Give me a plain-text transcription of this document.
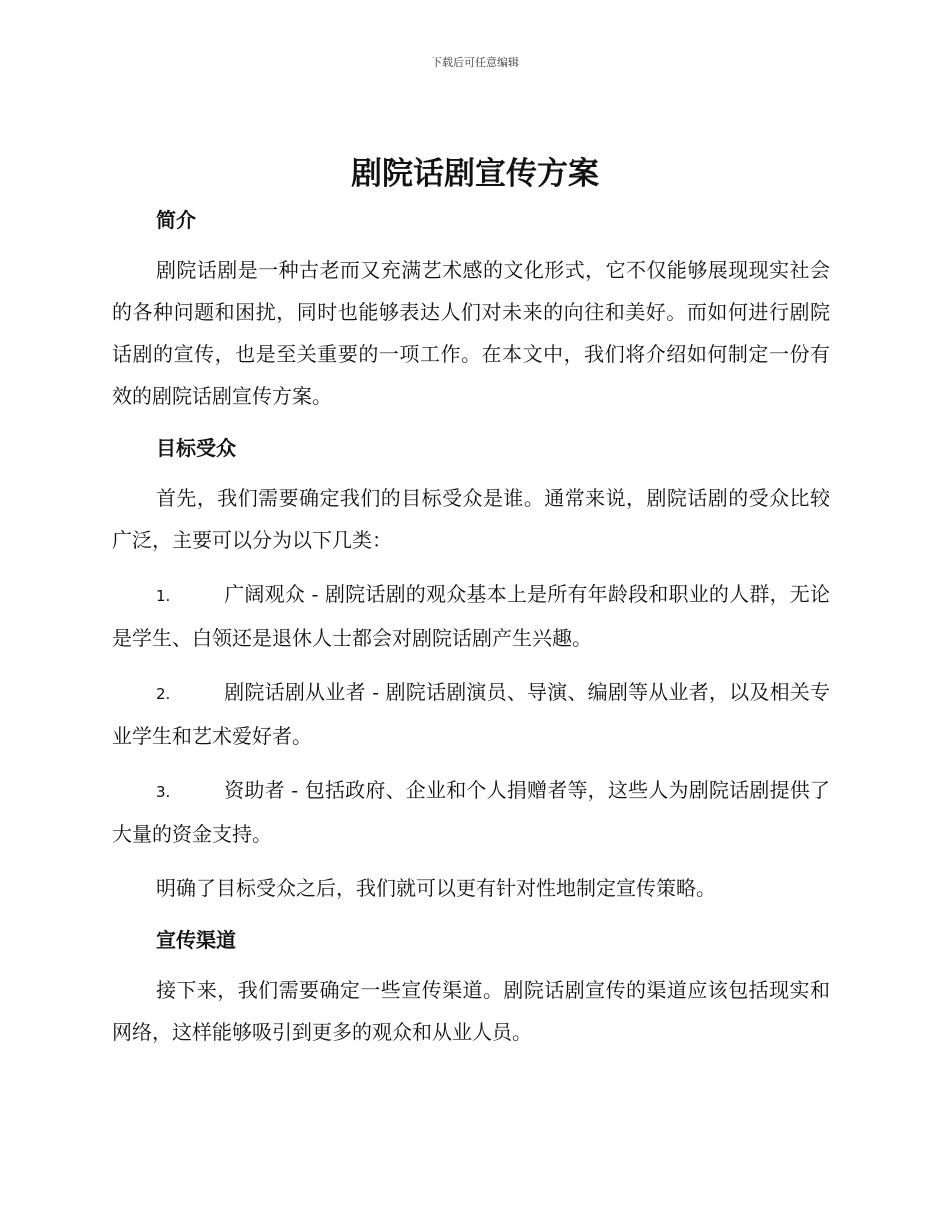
下载后可任意编辑
剧院话剧宣传方案
简介

剧院话剧是一种古老而又充满艺术感的文化形式，它不仅能够展现现实社会的各种问题和困扰，同时也能够表达人们对未来的向往和美好。而如何进行剧院话剧的宣传，也是至关重要的一项工作。在本文中，我们将介绍如何制定一份有效的剧院话剧宣传方案。

目标受众

首先，我们需要确定我们的目标受众是谁。通常来说，剧院话剧的受众比较广泛，主要可以分为以下几类：

1.	广阔观众 - 剧院话剧的观众基本上是所有年龄段和职业的人群，无论是学生、白领还是退休人士都会对剧院话剧产生兴趣。

2.	剧院话剧从业者 - 剧院话剧演员、导演、编剧等从业者，以及相关专业学生和艺术爱好者。

3.	资助者 - 包括政府、企业和个人捐赠者等，这些人为剧院话剧提供了大量的资金支持。

明确了目标受众之后，我们就可以更有针对性地制定宣传策略。

宣传渠道

接下来，我们需要确定一些宣传渠道。剧院话剧宣传的渠道应该包括现实和网络，这样能够吸引到更多的观众和从业人员。
